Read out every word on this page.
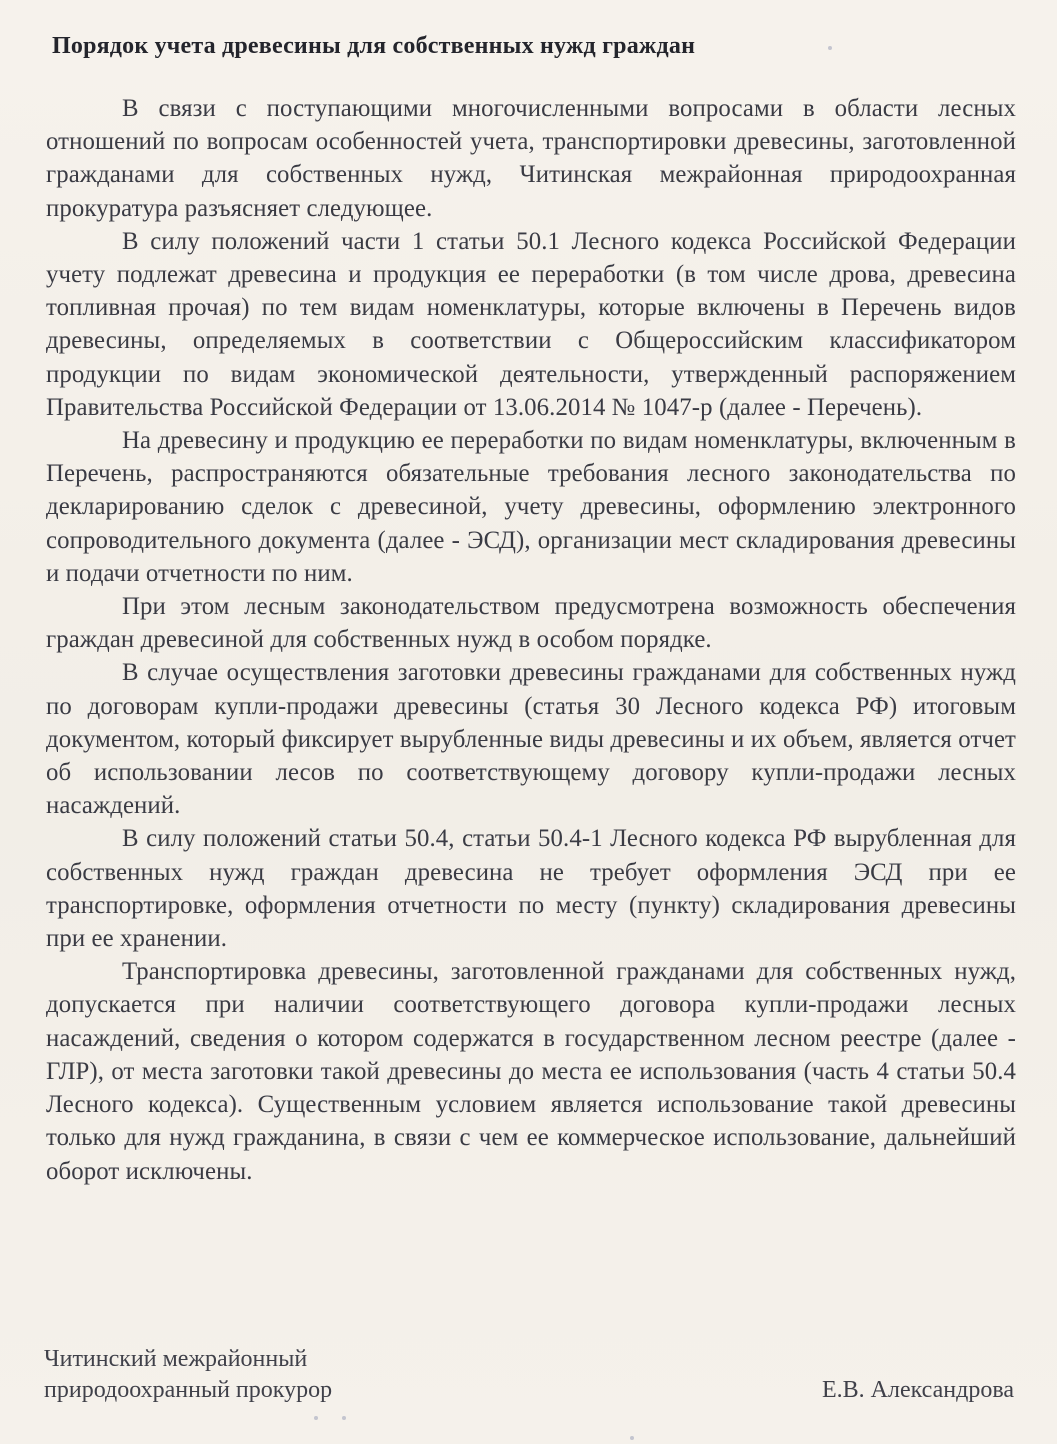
Порядок учета древесины для собственных нужд граждан

В связи с поступающими многочисленными вопросами в области лесных отношений по вопросам особенностей учета, транспортировки древесины, заготовленной гражданами для собственных нужд, Читинская межрайонная природоохранная прокуратура разъясняет следующее.

В силу положений части 1 статьи 50.1 Лесного кодекса Российской Федерации учету подлежат древесина и продукция ее переработки (в том числе дрова, древесина топливная прочая) по тем видам номенклатуры, которые включены в Перечень видов древесины, определяемых в соответствии с Общероссийским классификатором продукции по видам экономической деятельности, утвержденный распоряжением Правительства Российской Федерации от 13.06.2014 № 1047-р (далее - Перечень).

На древесину и продукцию ее переработки по видам номенклатуры, включенным в Перечень, распространяются обязательные требования лесного законодательства по декларированию сделок с древесиной, учету древесины, оформлению электронного сопроводительного документа (далее - ЭСД), организации мест складирования древесины и подачи отчетности по ним.

При этом лесным законодательством предусмотрена возможность обеспечения граждан древесиной для собственных нужд в особом порядке.

В случае осуществления заготовки древесины гражданами для собственных нужд по договорам купли-продажи древесины (статья 30 Лесного кодекса РФ) итоговым документом, который фиксирует вырубленные виды древесины и их объем, является отчет об использовании лесов по соответствующему договору купли-продажи лесных насаждений.

В силу положений статьи 50.4, статьи 50.4-1 Лесного кодекса РФ вырубленная для собственных нужд граждан древесина не требует оформления ЭСД при ее транспортировке, оформления отчетности по месту (пункту) складирования древесины при ее хранении.

Транспортировка древесины, заготовленной гражданами для собственных нужд, допускается при наличии соответствующего договора купли-продажи лесных насаждений, сведения о котором содержатся в государственном лесном реестре (далее - ГЛР), от места заготовки такой древесины до места ее использования (часть 4 статьи 50.4 Лесного кодекса). Существенным условием является использование такой древесины только для нужд гражданина, в связи с чем ее коммерческое использование, дальнейший оборот исключены.

Читинский межрайонный
природоохранный прокурор	Е.В. Александрова
